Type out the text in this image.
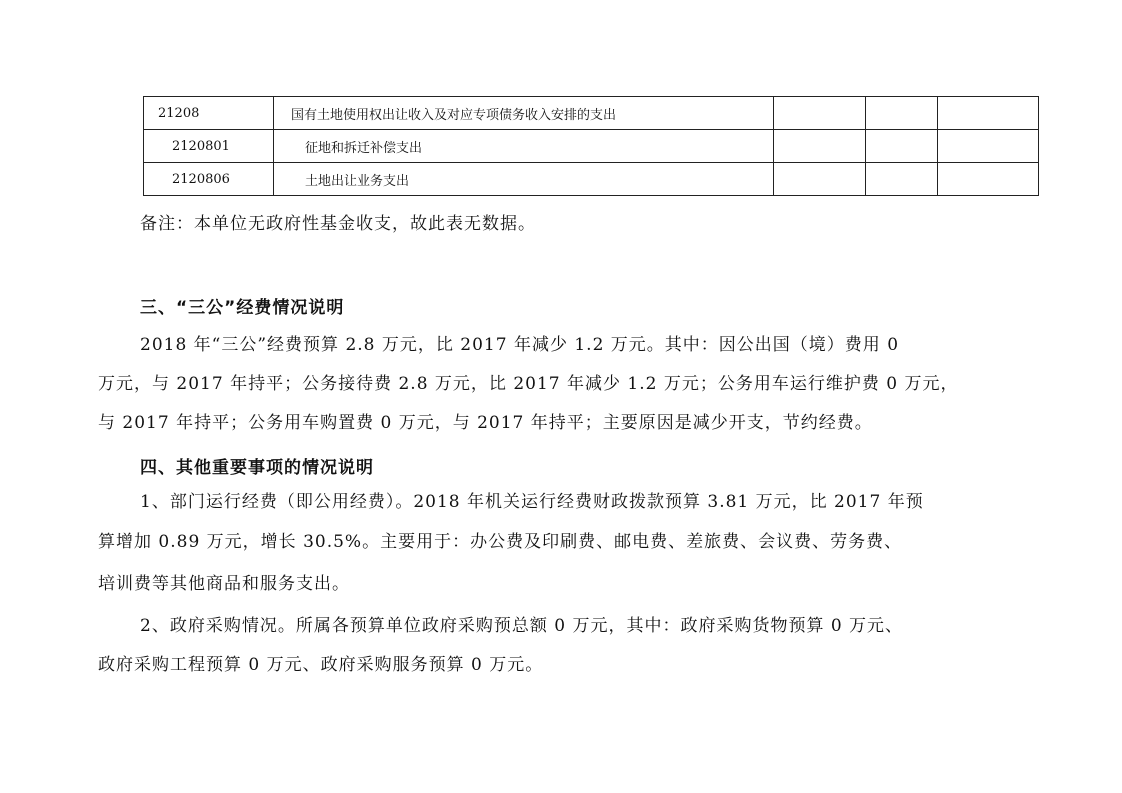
21208	国有土地使用权出让收入及对应专项债务收入安排的支出			
2120801	征地和拆迁补偿支出			
2120806	土地出让业务支出			

备注：本单位无政府性基金收支，故此表无数据。

三、“三公”经费情况说明

2018 年“三公”经费预算 2.8 万元，比 2017 年减少 1.2 万元。其中：因公出国（境）费用 0

万元，与 2017 年持平；公务接待费 2.8 万元，比 2017 年减少 1.2 万元；公务用车运行维护费 0 万元，

与 2017 年持平；公务用车购置费 0 万元，与 2017 年持平；主要原因是减少开支，节约经费。

四、其他重要事项的情况说明

1、部门运行经费（即公用经费）。2018 年机关运行经费财政拨款预算 3.81 万元，比 2017 年预

算增加 0.89 万元，增长 30.5%。主要用于：办公费及印刷费、邮电费、差旅费、会议费、劳务费、

培训费等其他商品和服务支出。

2、政府采购情况。所属各预算单位政府采购预总额 0 万元，其中：政府采购货物预算 0 万元、

政府采购工程预算 0 万元、政府采购服务预算 0 万元。
